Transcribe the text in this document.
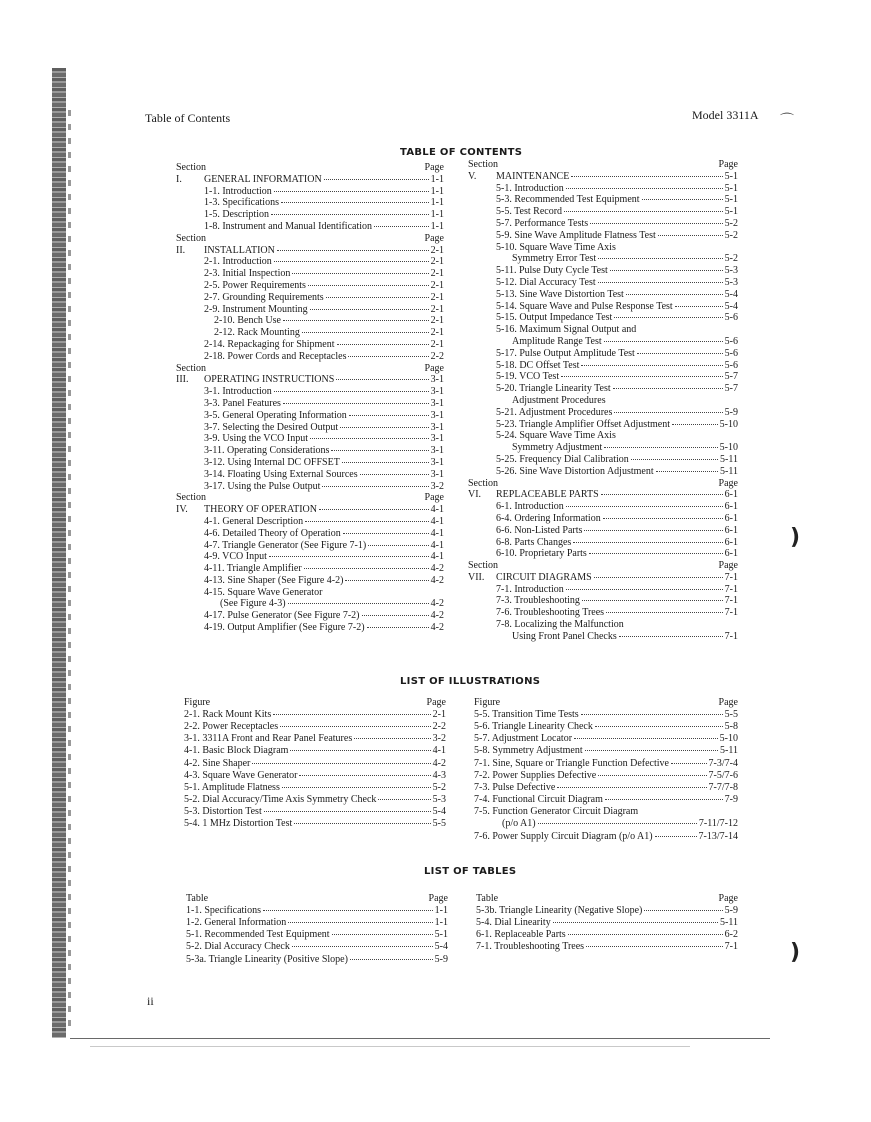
Table of Contents	Model 3311A ⌒
)
)
TABLE OF CONTENTS
Section	Page
I. GENERAL INFORMATION	1-1
1-1. Introduction	1-1
1-3. Specifications	1-1
1-5. Description	1-1
1-8. Instrument and Manual Identification	1-1
Section	Page
II. INSTALLATION	2-1
2-1. Introduction	2-1
2-3. Initial Inspection	2-1
2-5. Power Requirements	2-1
2-7. Grounding Requirements	2-1
2-9. Instrument Mounting	2-1
2-10. Bench Use	2-1
2-12. Rack Mounting	2-1
2-14. Repackaging for Shipment	2-1
2-18. Power Cords and Receptacles	2-2
Section	Page
III. OPERATING INSTRUCTIONS	3-1
3-1. Introduction	3-1
3-3. Panel Features	3-1
3-5. General Operating Information	3-1
3-7. Selecting the Desired Output	3-1
3-9. Using the VCO Input	3-1
3-11. Operating Considerations	3-1
3-12. Using Internal DC OFFSET	3-1
3-14. Floating Using External Sources	3-1
3-17. Using the Pulse Output	3-2
Section	Page
IV. THEORY OF OPERATION	4-1
4-1. General Description	4-1
4-6. Detailed Theory of Operation	4-1
4-7. Triangle Generator (See Figure 7-1)	4-1
4-9. VCO Input	4-1
4-11. Triangle Amplifier	4-2
4-13. Sine Shaper (See Figure 4-2)	4-2
4-15. Square Wave Generator
(See Figure 4-3)	4-2
4-17. Pulse Generator (See Figure 7-2)	4-2
4-19. Output Amplifier (See Figure 7-2)	4-2
Section	Page
V. MAINTENANCE	5-1
5-1. Introduction	5-1
5-3. Recommended Test Equipment	5-1
5-5. Test Record	5-1
5-7. Performance Tests	5-2
5-9. Sine Wave Amplitude Flatness Test	5-2
5-10. Square Wave Time Axis
Symmetry Error Test	5-2
5-11. Pulse Duty Cycle Test	5-3
5-12. Dial Accuracy Test	5-3
5-13. Sine Wave Distortion Test	5-4
5-14. Square Wave and Pulse Response Test	5-4
5-15. Output Impedance Test	5-6
5-16. Maximum Signal Output and
Amplitude Range Test	5-6
5-17. Pulse Output Amplitude Test	5-6
5-18. DC Offset Test	5-6
5-19. VCO Test	5-7
5-20. Triangle Linearity Test	5-7
Adjustment Procedures
5-21. Adjustment Procedures	5-9
5-23. Triangle Amplifier Offset Adjustment	5-10
5-24. Square Wave Time Axis
Symmetry Adjustment	5-10
5-25. Frequency Dial Calibration	5-11
5-26. Sine Wave Distortion Adjustment	5-11
Section	Page
VI. REPLACEABLE PARTS	6-1
6-1. Introduction	6-1
6-4. Ordering Information	6-1
6-6. Non-Listed Parts	6-1
6-8. Parts Changes	6-1
6-10. Proprietary Parts	6-1
Section	Page
VII. CIRCUIT DIAGRAMS	7-1
7-1. Introduction	7-1
7-3. Troubleshooting	7-1
7-6. Troubleshooting Trees	7-1
7-8. Localizing the Malfunction
Using Front Panel Checks	7-1
LIST OF ILLUSTRATIONS
Figure	Page
2-1. Rack Mount Kits	2-1
2-2. Power Receptacles	2-2
3-1. 3311A Front and Rear Panel Features	3-2
4-1. Basic Block Diagram	4-1
4-2. Sine Shaper	4-2
4-3. Square Wave Generator	4-3
5-1. Amplitude Flatness	5-2
5-2. Dial Accuracy/Time Axis Symmetry Check	5-3
5-3. Distortion Test	5-4
5-4. 1 MHz Distortion Test	5-5
Figure	Page
5-5. Transition Time Tests	5-5
5-6. Triangle Linearity Check	5-8
5-7. Adjustment Locator	5-10
5-8. Symmetry Adjustment	5-11
7-1. Sine, Square or Triangle Function Defective	7-3/7-4
7-2. Power Supplies Defective	7-5/7-6
7-3. Pulse Defective	7-7/7-8
7-4. Functional Circuit Diagram	7-9
7-5. Function Generator Circuit Diagram
(p/o A1)	7-11/7-12
7-6. Power Supply Circuit Diagram (p/o A1)	7-13/7-14
LIST OF TABLES
Table	Page
1-1. Specifications	1-1
1-2. General Information	1-1
5-1. Recommended Test Equipment	5-1
5-2. Dial Accuracy Check	5-4
5-3a. Triangle Linearity (Positive Slope)	5-9
Table	Page
5-3b. Triangle Linearity (Negative Slope)	5-9
5-4. Dial Linearity	5-11
6-1. Replaceable Parts	6-2
7-1. Troubleshooting Trees	7-1
ii
